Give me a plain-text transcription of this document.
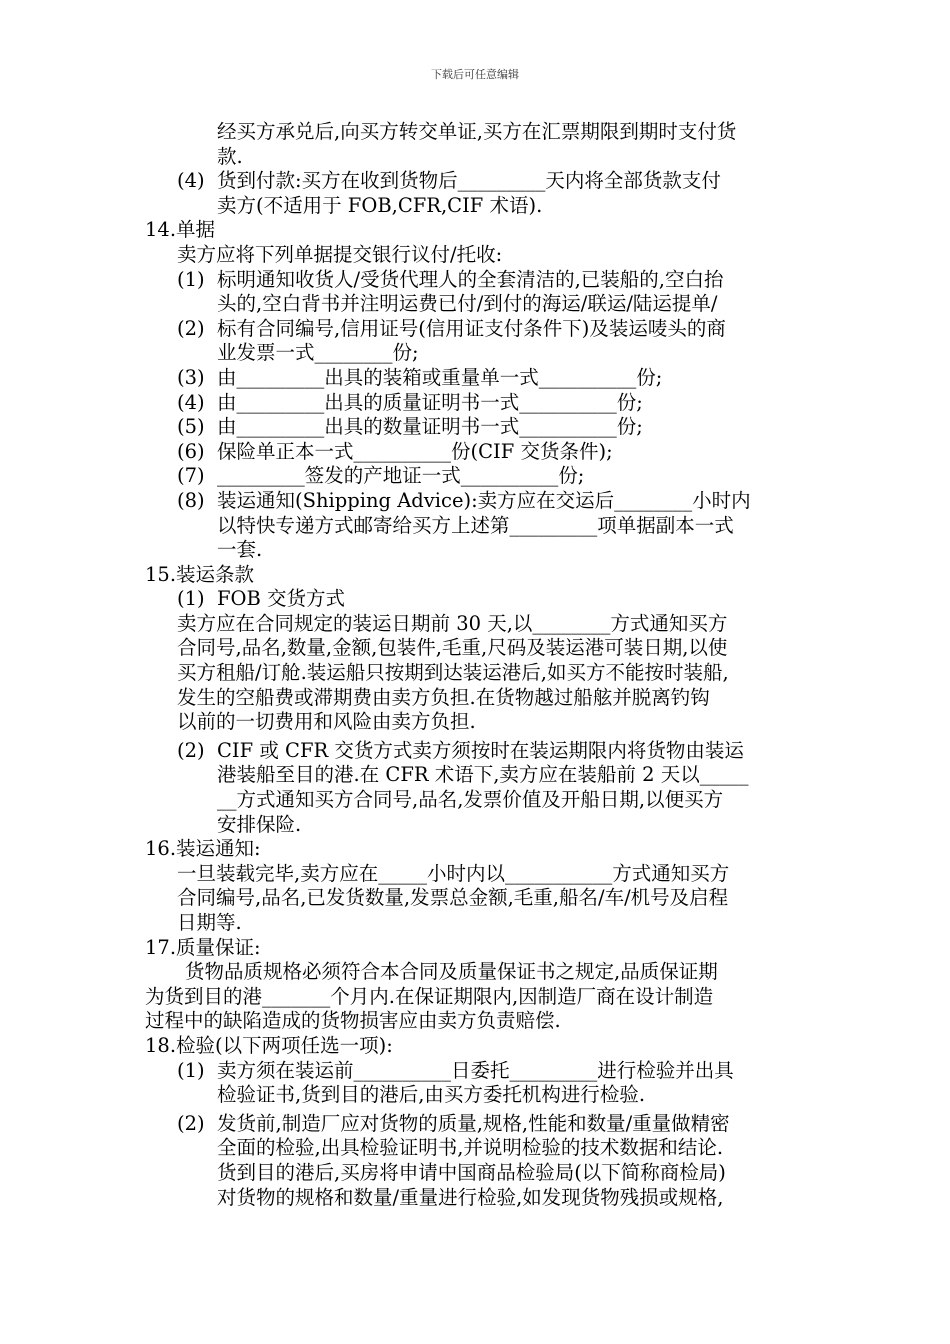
下载后可任意编辑
经买方承兑后,向买方转交单证,买方在汇票期限到期时支付货
款.
(4) 货到付款:买方在收到货物后_________天内将全部货款支付
卖方(不适用于 FOB,CFR,CIF 术语).
14.单据
卖方应将下列单据提交银行议付/托收:
(1) 标明通知收货人/受货代理人的全套清洁的,已装船的,空白抬
头的,空白背书并注明运费已付/到付的海运/联运/陆运提单/
(2) 标有合同编号,信用证号(信用证支付条件下)及装运唛头的商
业发票一式________份;
(3) 由_________出具的装箱或重量单一式__________份;
(4) 由_________出具的质量证明书一式__________份;
(5) 由_________出具的数量证明书一式__________份;
(6) 保险单正本一式__________份(CIF 交货条件);
(7) _________签发的产地证一式__________份;
(8) 装运通知(Shipping Advice):卖方应在交运后________小时内
以特快专递方式邮寄给买方上述第_________项单据副本一式
一套.
15.装运条款
(1) FOB 交货方式
卖方应在合同规定的装运日期前 30 天,以________方式通知买方
合同号,品名,数量,金额,包装件,毛重,尺码及装运港可装日期,以使
买方租船/订舱.装运船只按期到达装运港后,如买方不能按时装船,
发生的空船费或滞期费由卖方负担.在货物越过船舷并脱离钓钩
以前的一切费用和风险由卖方负担.
(2) CIF 或 CFR 交货方式卖方须按时在装运期限内将货物由装运
港装船至目的港.在 CFR 术语下,卖方应在装船前 2 天以_____
__方式通知买方合同号,品名,发票价值及开船日期,以便买方
安排保险.
16.装运通知:
一旦装载完毕,卖方应在_____小时内以___________方式通知买方
合同编号,品名,已发货数量,发票总金额,毛重,船名/车/机号及启程
日期等.
17.质量保证:
货物品质规格必须符合本合同及质量保证书之规定,品质保证期
为货到目的港_______个月内.在保证期限内,因制造厂商在设计制造
过程中的缺陷造成的货物损害应由卖方负责赔偿.
18.检验(以下两项任选一项):
(1) 卖方须在装运前__________日委托_________进行检验并出具
检验证书,货到目的港后,由买方委托机构进行检验.
(2) 发货前,制造厂应对货物的质量,规格,性能和数量/重量做精密
全面的检验,出具检验证明书,并说明检验的技术数据和结论.
货到目的港后,买房将申请中国商品检验局(以下简称商检局)
对货物的规格和数量/重量进行检验,如发现货物残损或规格,
